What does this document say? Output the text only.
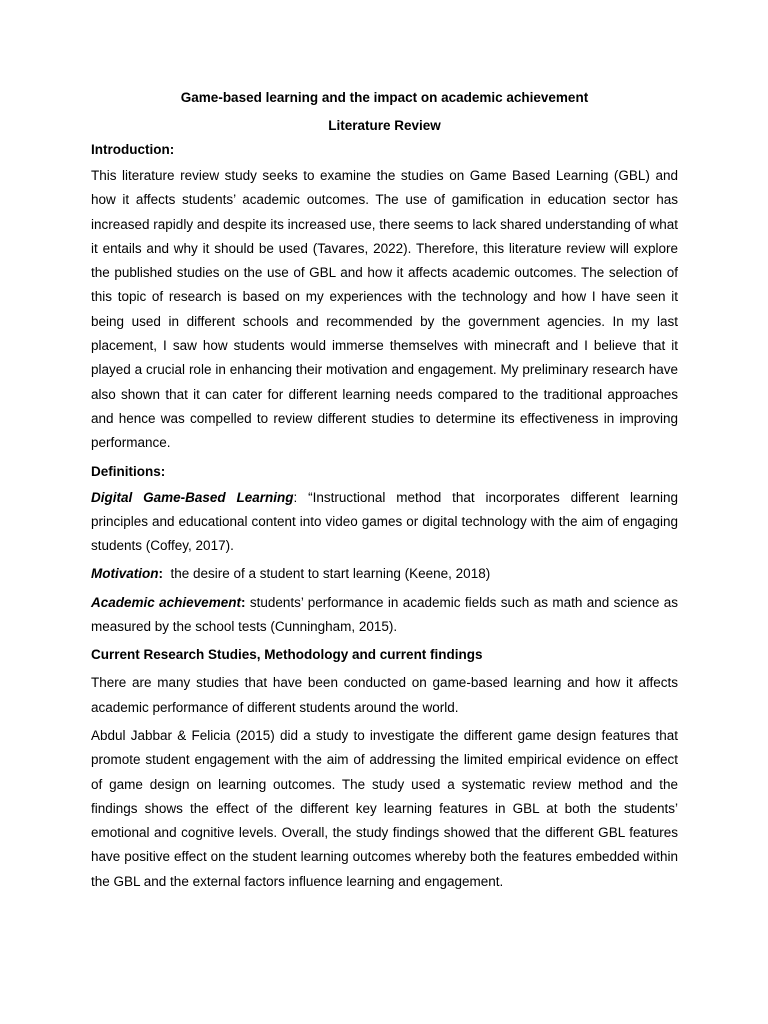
Game-based learning and the impact on academic achievement

Literature Review

Introduction:

This literature review study seeks to examine the studies on Game Based Learning (GBL) and how it affects students’ academic outcomes. The use of gamification in education sector has increased rapidly and despite its increased use, there seems to lack shared understanding of what it entails and why it should be used (Tavares, 2022). Therefore, this literature review will explore the published studies on the use of GBL and how it affects academic outcomes. The selection of this topic of research is based on my experiences with the technology and how I have seen it being used in different schools and recommended by the government agencies. In my last placement, I saw how students would immerse themselves with minecraft and I believe that it played a crucial role in enhancing their motivation and engagement. My preliminary research have also shown that it can cater for different learning needs compared to the traditional approaches and hence was compelled to review different studies to determine its effectiveness in improving performance.

Definitions:

Digital Game-Based Learning: “Instructional method that incorporates different learning principles and educational content into video games or digital technology with the aim of engaging students (Coffey, 2017).

Motivation:  the desire of a student to start learning (Keene, 2018)

Academic achievement: students’ performance in academic fields such as math and science as measured by the school tests (Cunningham, 2015).

Current Research Studies, Methodology and current findings

There are many studies that have been conducted on game-based learning and how it affects academic performance of different students around the world.

Abdul Jabbar & Felicia (2015) did a study to investigate the different game design features that promote student engagement with the aim of addressing the limited empirical evidence on effect of game design on learning outcomes. The study used a systematic review method and the findings shows the effect of the different key learning features in GBL at both the students’ emotional and cognitive levels. Overall, the study findings showed that the different GBL features have positive effect on the student learning outcomes whereby both the features embedded within the GBL and the external factors influence learning and engagement.
